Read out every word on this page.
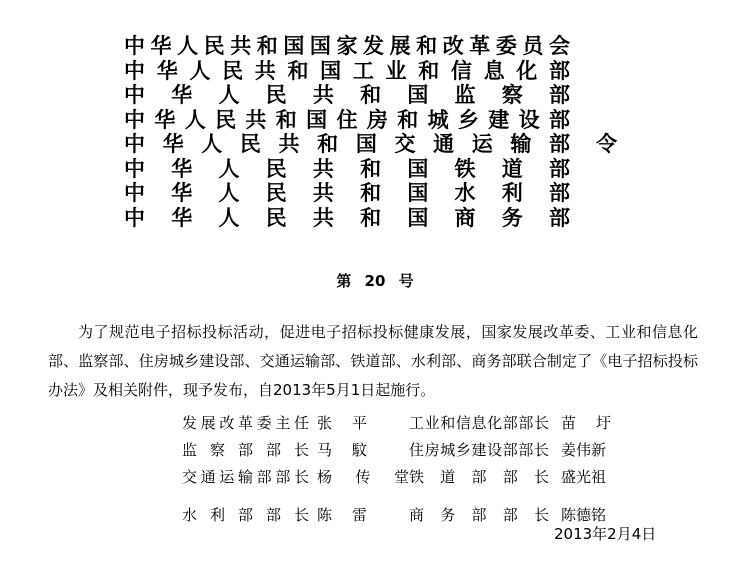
中华人民共和国国家发展和改革委员会
中华人民共和国工业和信息化部
中华人民共和国监察部
中华人民共和国住房和城乡建设部
中华人民共和国交通运输部
中华人民共和国铁道部
中华人民共和国水利部
中华人民共和国商务部
令
第 20 号

为了规范电子招标投标活动，促进电子招标投标健康发展，国家发展改革委、工业和信息化部、监察部、住房城乡建设部、交通运输部、铁道部、水利部、商务部联合制定了《电子招标投标办法》及相关附件，现予发布，自2013年5月1日起施行。

发展改革委主任 张平	工业和信息化部部长 苗圩
监察部部长 马馼	住房城乡建设部部长 姜伟新
交通运输部部长 杨传堂 铁道部部长 盛光祖
水利部部长 陈雷	商务部部长 陈德铭
2013年2月4日
